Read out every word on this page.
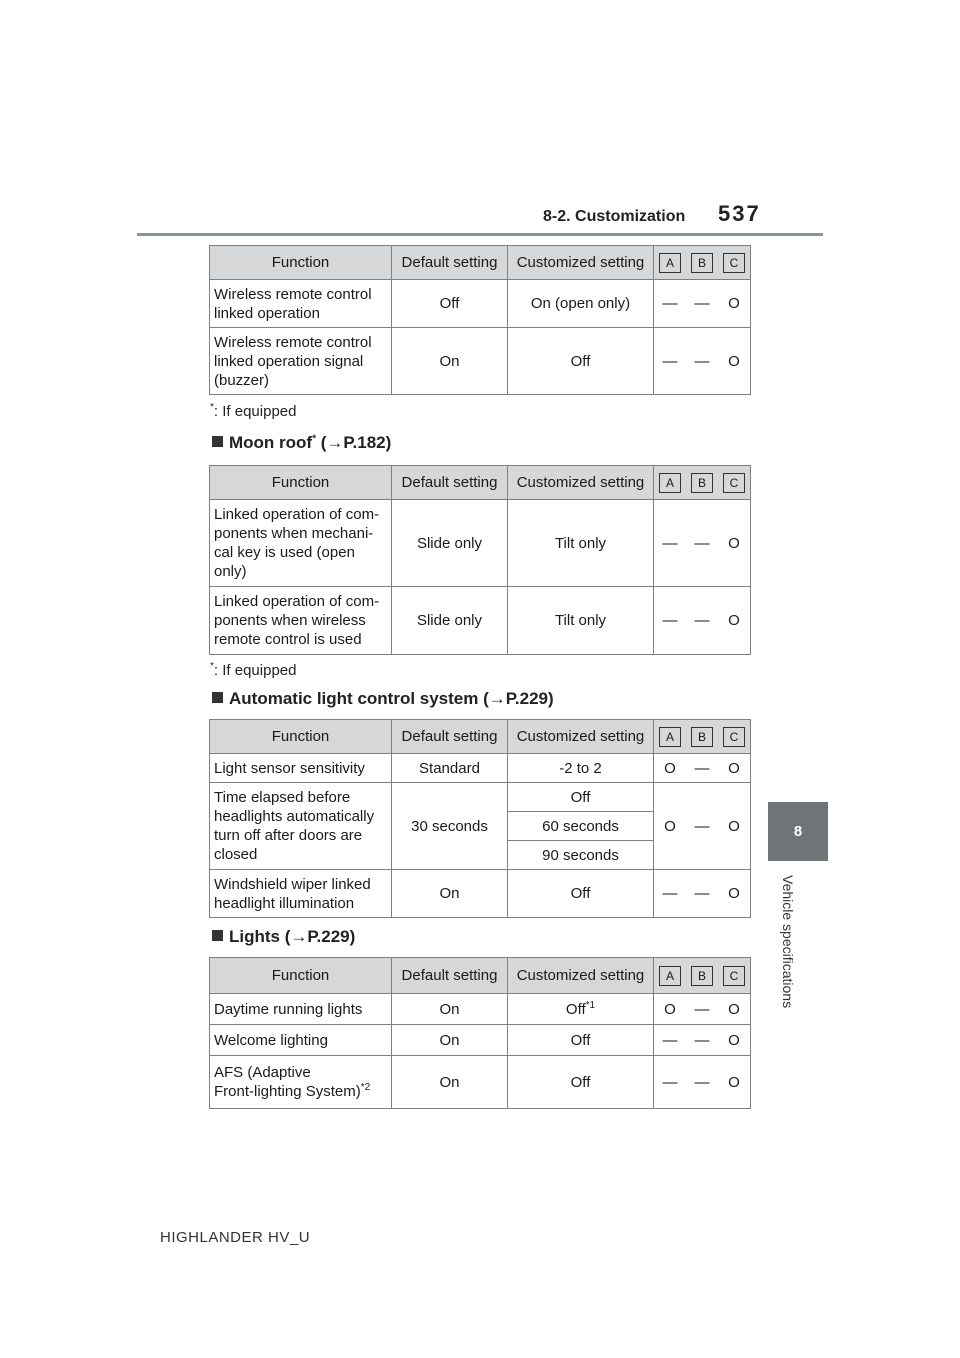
8-2. Customization 537
8
Vehicle specifications
Function	Default setting	Customized setting	A B C

Wireless remote control linked operation	Off	On (open only)	— — O

Wireless remote control linked operation signal (buzzer)	On	Off	— — O
*: If equipped
Moon roof* (→P.182)
Function	Default setting	Customized setting	A B C

Linked operation of com-ponents when mechani-cal key is used (open only)	Slide only	Tilt only	— — O

Linked operation of com-ponents when wireless remote control is used	Slide only	Tilt only	— — O
*: If equipped
Automatic light control system (→P.229)
Function	Default setting	Customized setting	A B C

Light sensor sensitivity	Standard	-2 to 2	O — O

Time elapsed before headlights automatically turn off after doors are closed	30 seconds	Off	O — O

		60 seconds	
		90 seconds	
Windshield wiper linked headlight illumination	On	Off	— — O
Lights (→P.229)
Function	Default setting	Customized setting	A B C

Daytime running lights	On	Off$^{*1}$	O — O

Welcome lighting	On	Off	— — O

AFS (Adaptive
Front-lighting System)$^{*2}$	On	Off	— — O
HIGHLANDER HV_U
